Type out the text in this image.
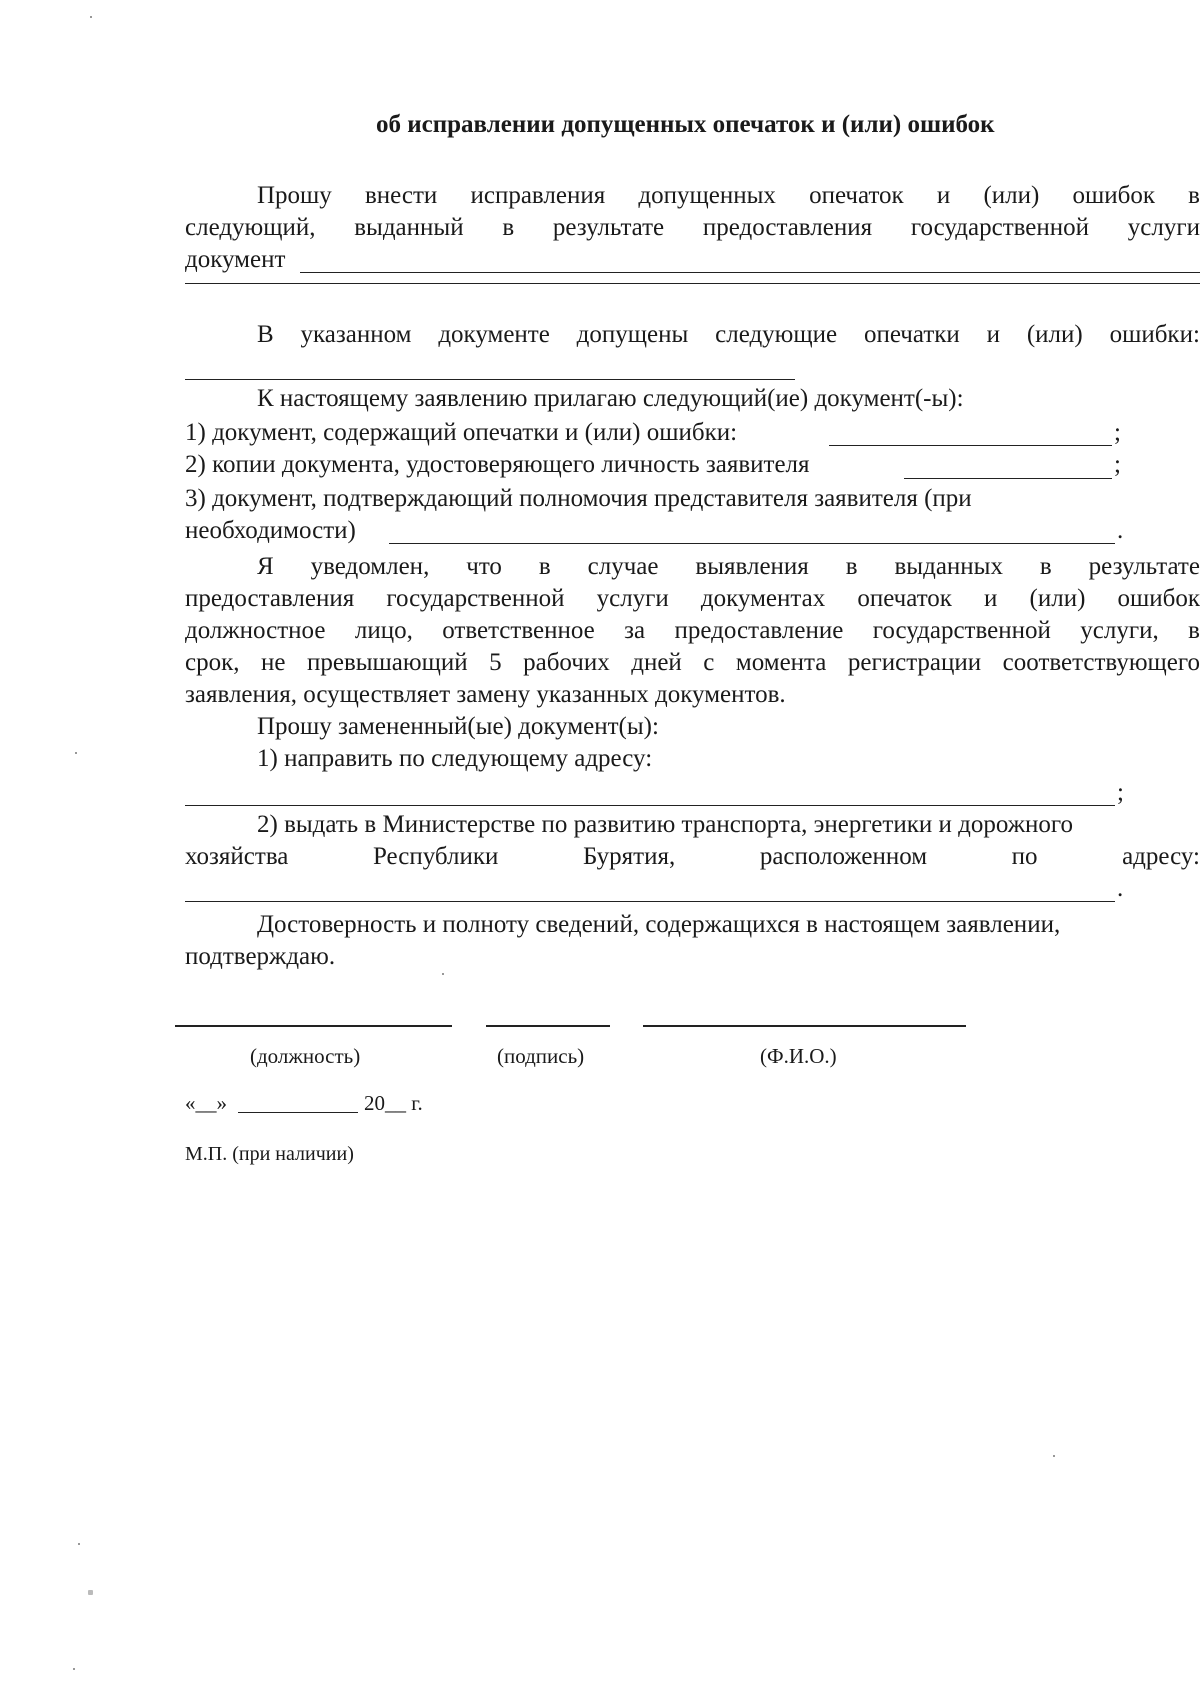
об исправлении допущенных опечаток и (или) ошибок
Прошу внести исправления допущенных опечаток и (или) ошибок в
следующий, выданный в результате предоставления государственной услуги
документ
В указанном документе допущены следующие опечатки и (или) ошибки:
К настоящему заявлению прилагаю следующий(ие) документ(-ы):
1) документ, содержащий опечатки и (или) ошибки:	;
2) копии документа, удостоверяющего личность заявителя	;
3) документ, подтверждающий полномочия представителя заявителя (при
необходимости)	.
Я уведомлен, что в случае выявления в выданных в результате
предоставления государственной услуги документах опечаток и (или) ошибок
должностное лицо, ответственное за предоставление государственной услуги, в
срок, не превышающий 5 рабочих дней с момента регистрации соответствующего
заявления, осуществляет замену указанных документов.
Прошу замененный(ые) документ(ы):
1) направить по следующему адресу:
;
2) выдать в Министерстве по развитию транспорта, энергетики и дорожного
хозяйства	Республики	Бурятия,	расположенном	по	адресу:
.
Достоверность и полноту сведений, содержащихся в настоящем заявлении,
подтверждаю.
(должность)	(подпись)	(Ф.И.О.)
«__»	20__ г.
М.П. (при наличии)
